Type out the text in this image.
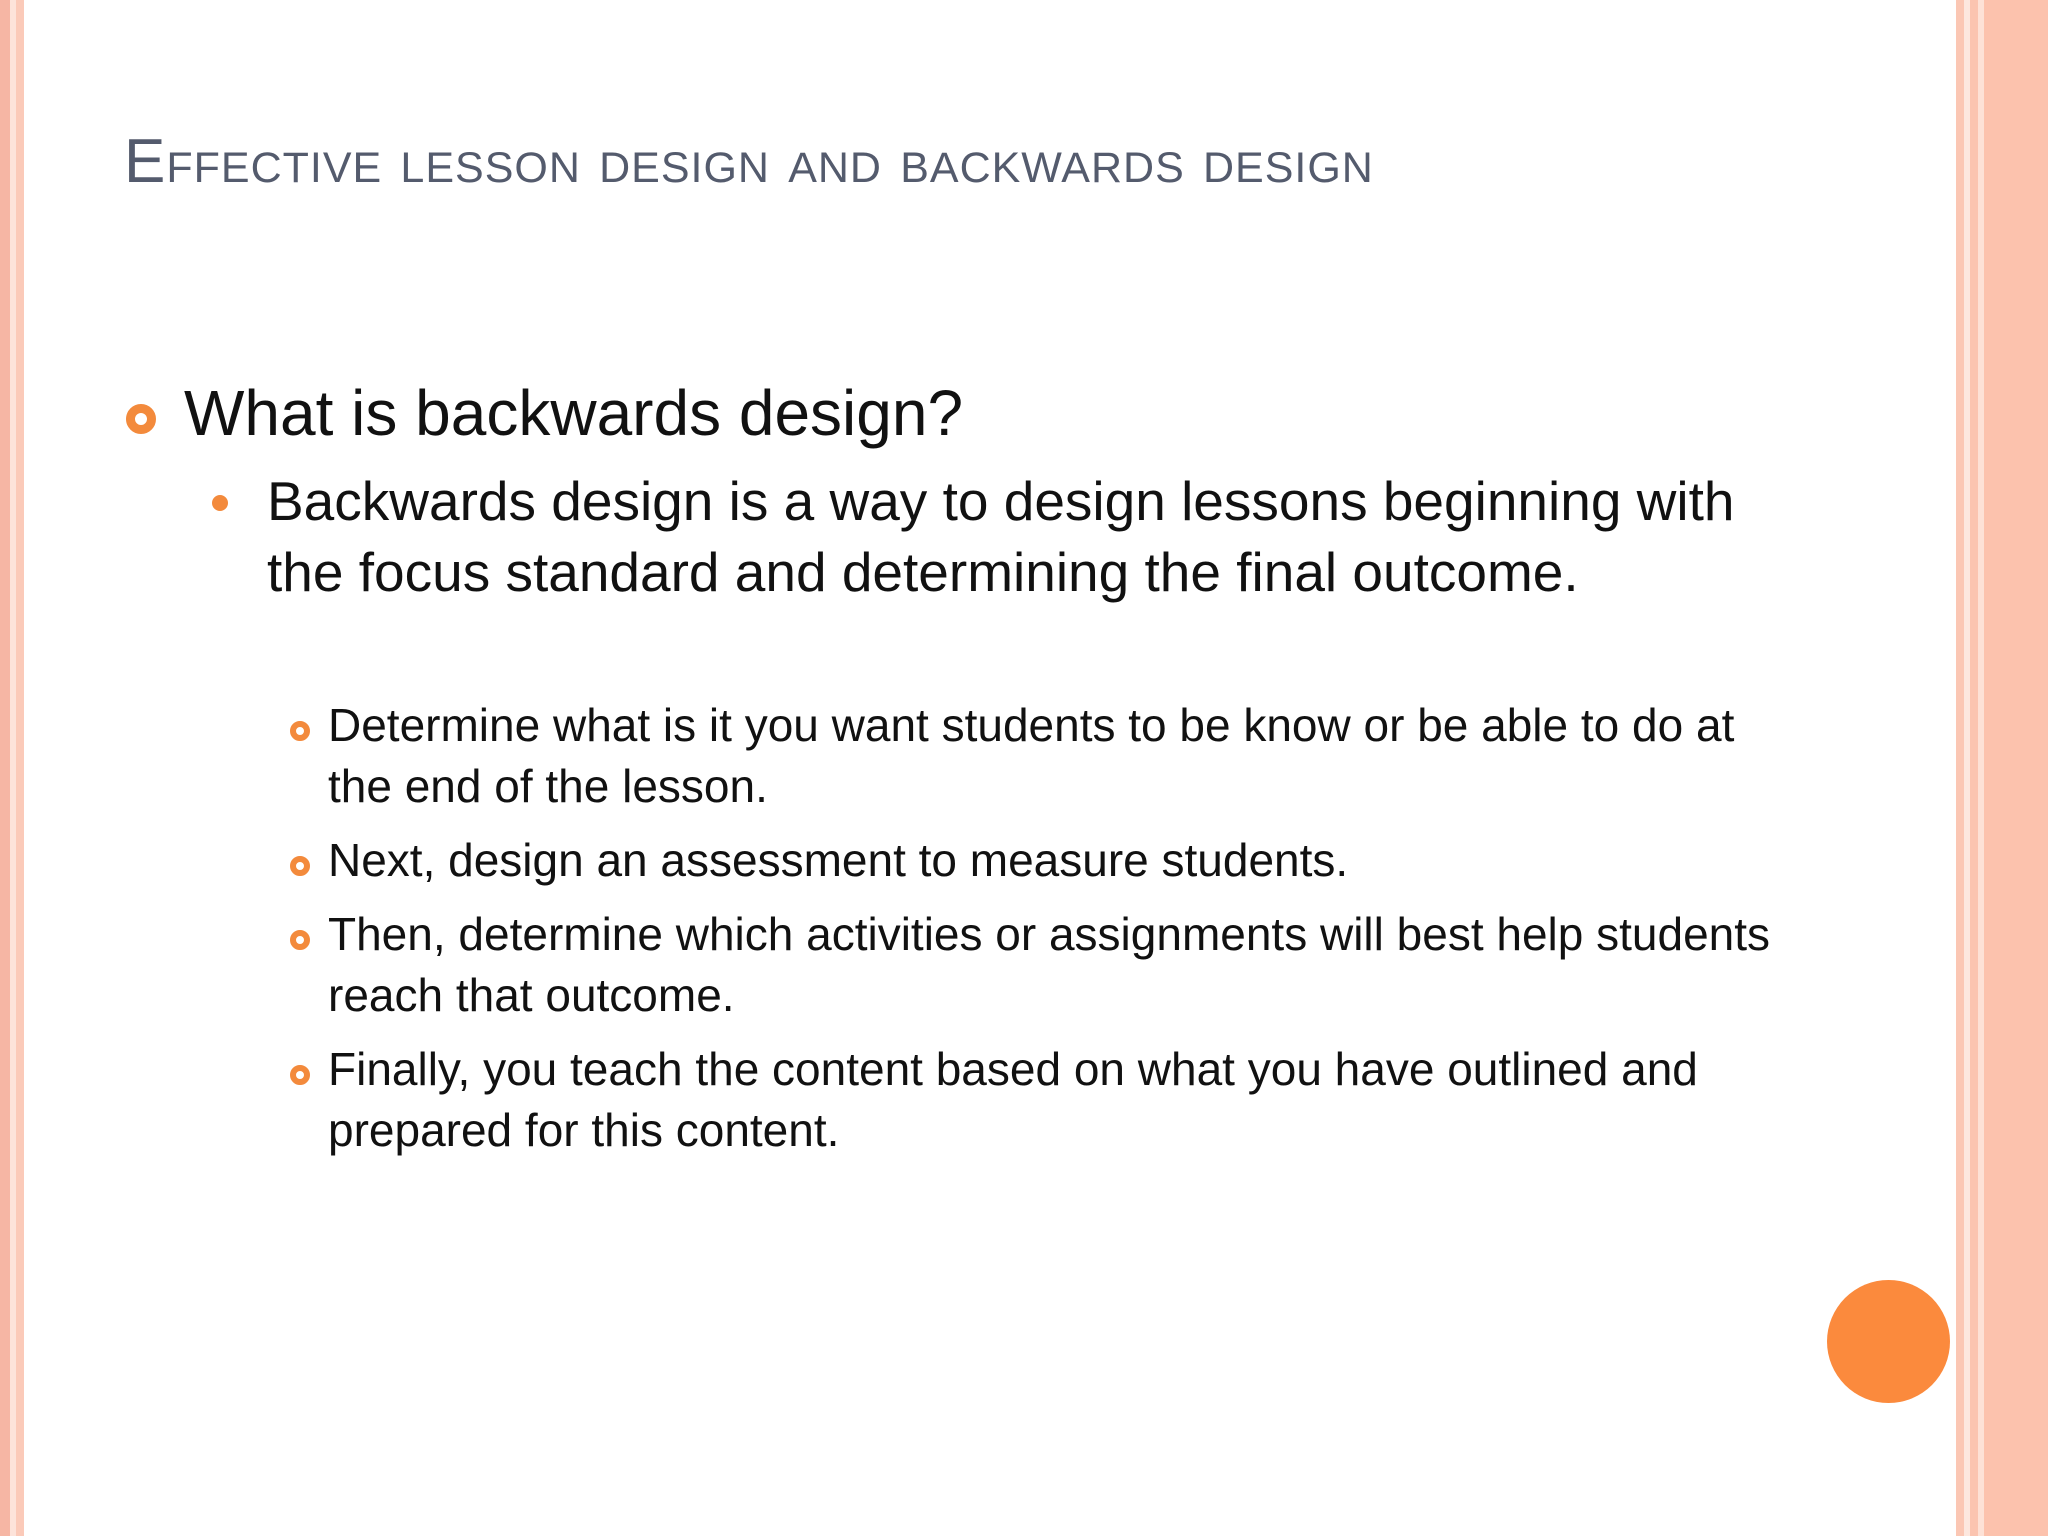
Effective lesson design and backwards design
What is backwards design?
Backwards design is a way to design lessons beginning with the focus standard and determining the final outcome.
Determine what is it you want students to be know or be able to do at the end of the lesson.
Next, design an assessment to measure students.
Then, determine which activities or assignments will best help students reach that outcome.
Finally, you teach the content based on what you have outlined and prepared for this content.
